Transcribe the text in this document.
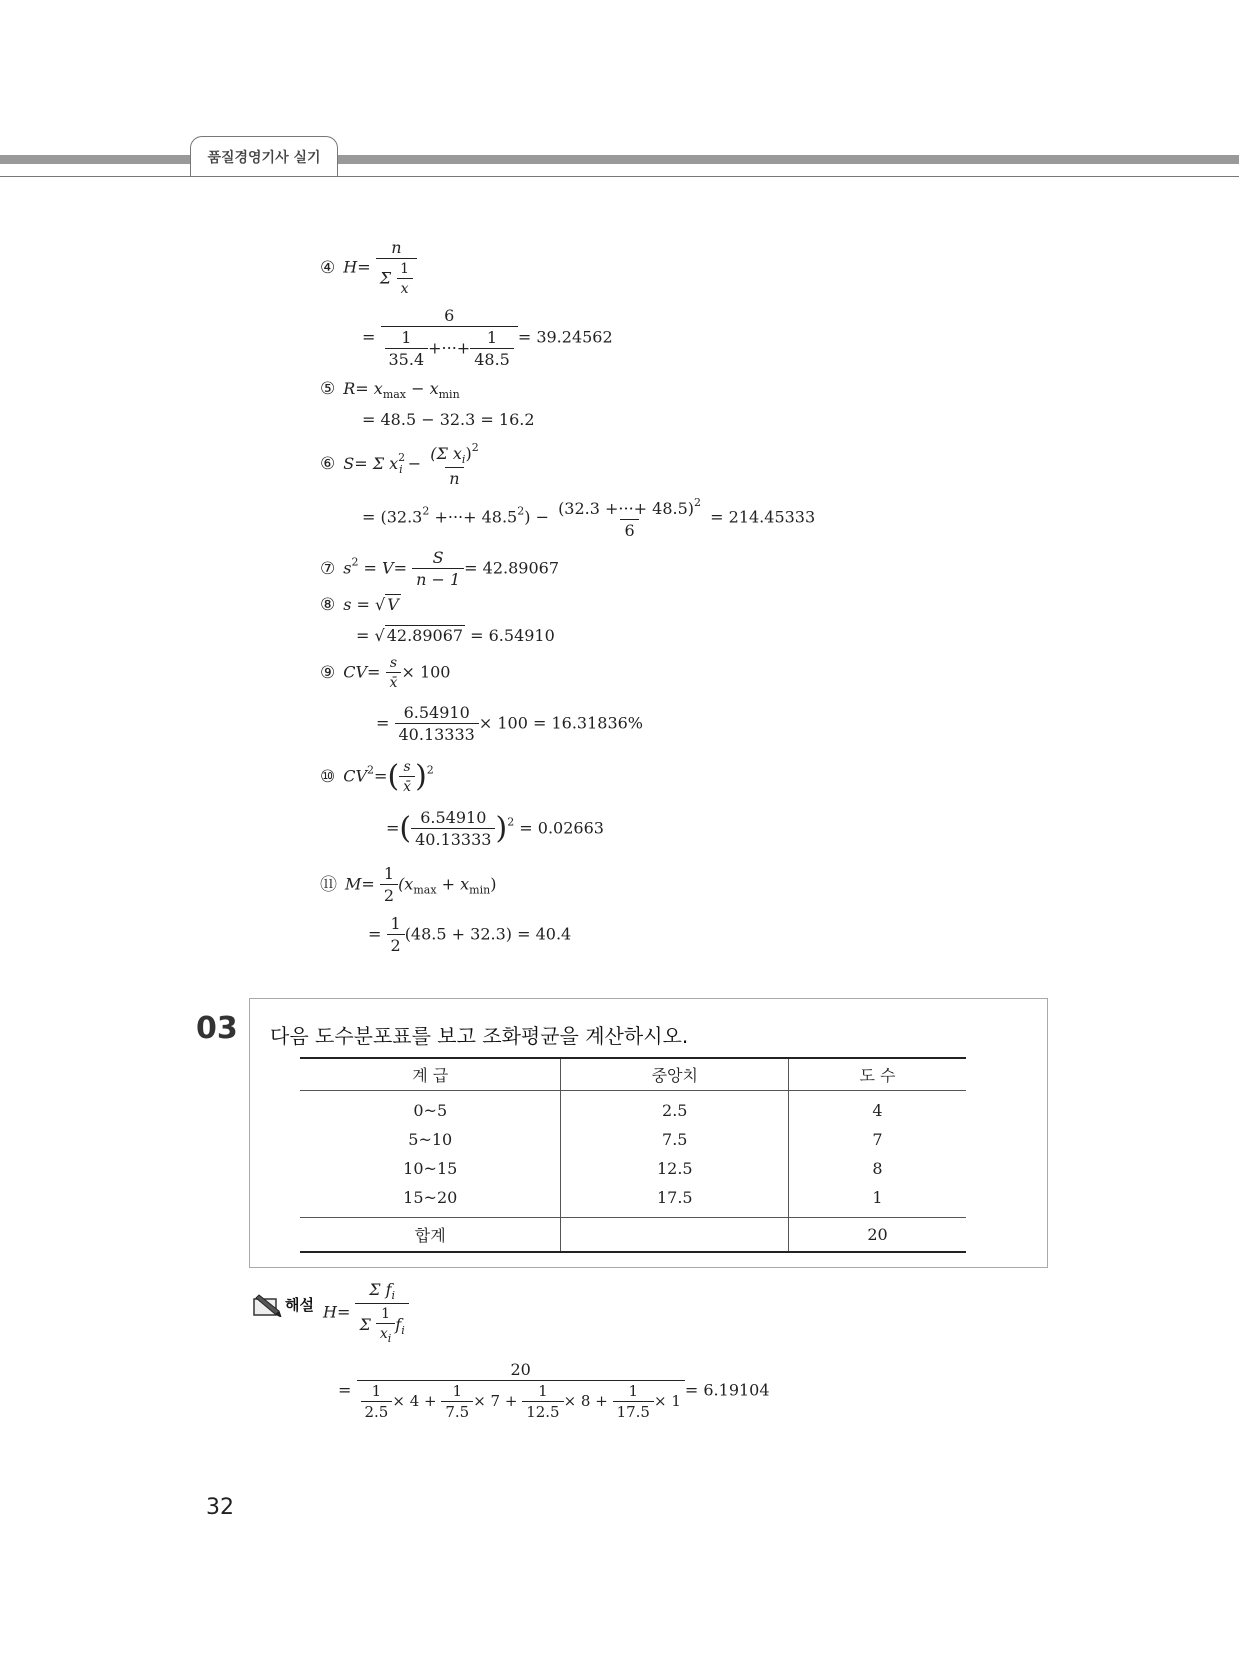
품질경영기사 실기
④ $H= \frac{n}{\Sigma \frac{1}{x}}$
= $\frac{6}{\frac{1}{35.4} +\cdot\cdot\cdot+ \frac{1}{48.5}} = 39.24562$
⑤ $R= x_{max} - x_{min}$
= 48.5 − 32.3 = 16.2
⑥ S= Σ $x^2_i - \frac{(\Sigma x_i)^2}{n}$
= ($32.3^2$ +···+ $48.5^2) - \frac{(32.3 +\cdot\cdot\cdot+ 48.5)^2}{6} = 214.45333$
⑦ $s^2 = V= \frac{S}{n - 1} = 42.89067$
⑧ s = √ V
= √ 42.89067 = 6.54910
⑨ $CV= \frac{s}{x̄} \times 100$
= $\frac{6.54910}{40.13333} \times 100 = 16.31836\%$
⑩ $CV^2=( \frac{s}{x̄} )^2$
=( $\frac{6.54910}{40.13333} )^2 = 0.02663$
⑪ $M= \frac{1}{2} (x_{max} + x_{min})$
= $\frac{1}{2} (48.5 + 32.3) = 40.4$
03 다음 도수분포표를 보고 조화평균을 계산하시오.
계 급	중앙치	도 수
0~5	2.5	4
5~10	7.5	7
10~15	12.5	8
15~20	17.5	1
합계		20
해설 $H= \frac{\Sigma f_i}{\Sigma \frac{1}{x_i} f_i}$
= $\frac{20}{\frac{1}{2.5} \times 4 + \frac{1}{7.5} \times 7 + \frac{1}{12.5} \times 8 + \frac{1}{17.5} \times 1} = 6.19104$
32
